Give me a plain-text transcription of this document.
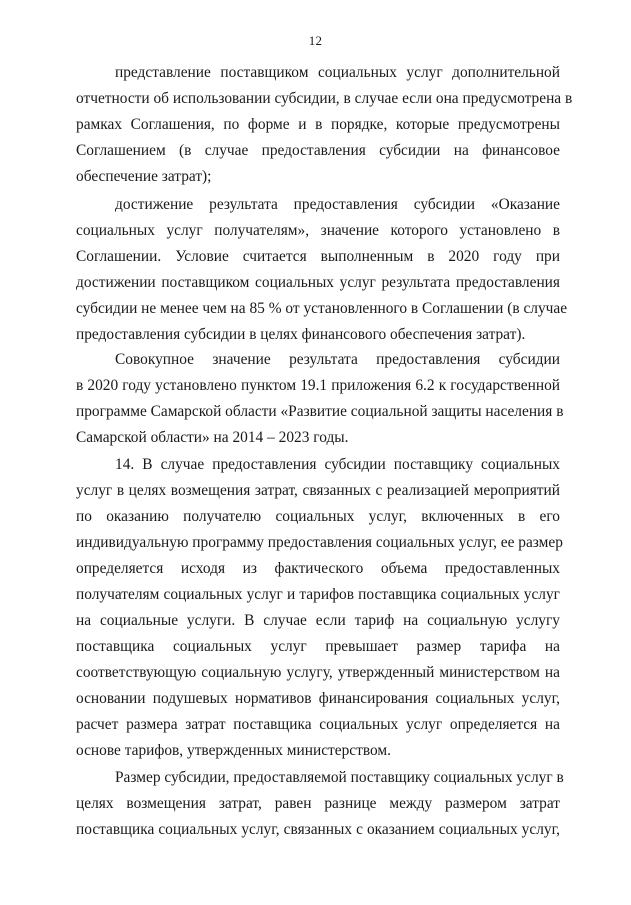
12
представление поставщиком социальных услуг дополнительной
отчетности об использовании субсидии, в случае если она предусмотрена в
рамках Соглашения, по форме и в порядке, которые предусмотрены
Соглашением (в случае предоставления субсидии на финансовое
обеспечение затрат);
достижение результата предоставления субсидии «Оказание
социальных услуг получателям», значение которого установлено в
Соглашении. Условие считается выполненным в 2020 году при
достижении поставщиком социальных услуг результата предоставления
субсидии не менее чем на 85 % от установленного в Соглашении (в случае
предоставления субсидии в целях финансового обеспечения затрат).
Совокупное значение результата предоставления субсидии
в 2020 году установлено пунктом 19.1 приложения 6.2 к государственной
программе Самарской области «Развитие социальной защиты населения в
Самарской области» на 2014 – 2023 годы.
14. В случае предоставления субсидии поставщику социальных
услуг в целях возмещения затрат, связанных с реализацией мероприятий
по оказанию получателю социальных услуг, включенных в его
индивидуальную программу предоставления социальных услуг, ее размер
определяется исходя из фактического объема предоставленных
получателям социальных услуг и тарифов поставщика социальных услуг
на социальные услуги. В случае если тариф на социальную услугу
поставщика социальных услуг превышает размер тарифа на
соответствующую социальную услугу, утвержденный министерством на
основании подушевых нормативов финансирования социальных услуг,
расчет размера затрат поставщика социальных услуг определяется на
основе тарифов, утвержденных министерством.
Размер субсидии, предоставляемой поставщику социальных услуг в
целях возмещения затрат, равен разнице между размером затрат
поставщика социальных услуг, связанных с оказанием социальных услуг,
